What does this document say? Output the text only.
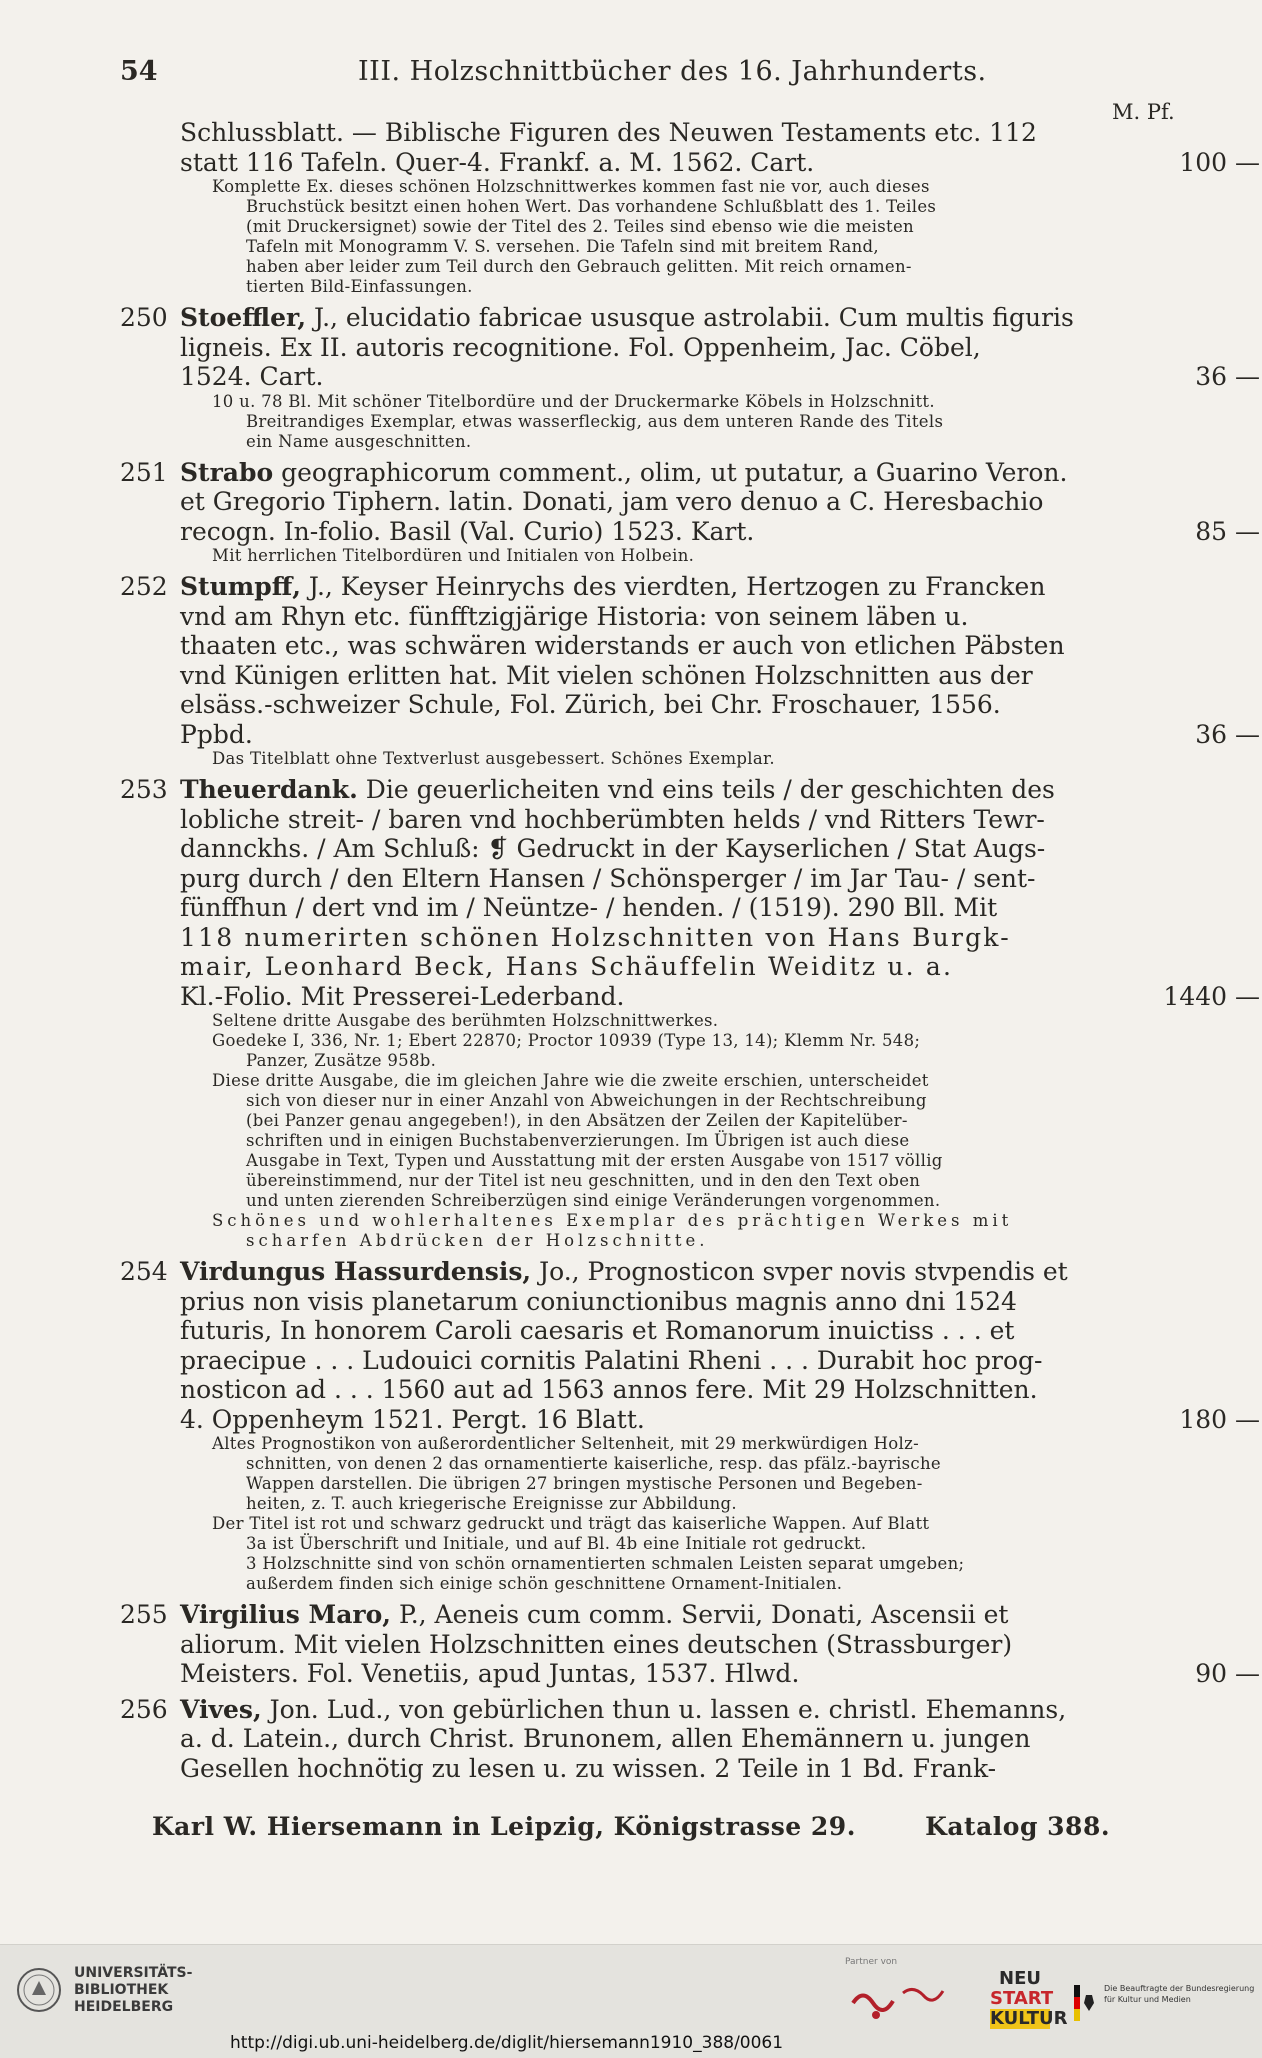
54	III. Holzschnittbücher des 16. Jahrhunderts.
M. Pf.
Schlussblatt. — Biblische Figuren des Neuwen Testaments etc. 112
statt 116 Tafeln. Quer-4. Frankf. a. M. 1562. Cart.	100 —
Komplette Ex. dieses schönen Holzschnittwerkes kommen fast nie vor, auch dieses
Bruchstück besitzt einen hohen Wert. Das vorhandene Schlußblatt des 1. Teiles
(mit Druckersignet) sowie der Titel des 2. Teiles sind ebenso wie die meisten
Tafeln mit Monogramm V. S. versehen. Die Tafeln sind mit breitem Rand,
haben aber leider zum Teil durch den Gebrauch gelitten. Mit reich ornamen-
tierten Bild-Einfassungen.
250 Stoeffler, J., elucidatio fabricae ususque astrolabii. Cum multis figuris
ligneis. Ex II. autoris recognitione. Fol. Oppenheim, Jac. Cöbel,
1524. Cart.	36 —
10 u. 78 Bl. Mit schöner Titelbordüre und der Druckermarke Köbels in Holzschnitt.
Breitrandiges Exemplar, etwas wasserfleckig, aus dem unteren Rande des Titels
ein Name ausgeschnitten.
251 Strabo geographicorum comment., olim, ut putatur, a Guarino Veron.
et Gregorio Tiphern. latin. Donati, jam vero denuo a C. Heresbachio
recogn. In-folio. Basil (Val. Curio) 1523. Kart.	85 —
Mit herrlichen Titelbordüren und Initialen von Holbein.
252 Stumpff, J., Keyser Heinrychs des vierdten, Hertzogen zu Francken
vnd am Rhyn etc. fünfftzigjärige Historia: von seinem läben u.
thaaten etc., was schwären widerstands er auch von etlichen Päbsten
vnd Künigen erlitten hat. Mit vielen schönen Holzschnitten aus der
elsäss.-schweizer Schule, Fol. Zürich, bei Chr. Froschauer, 1556.
Ppbd.	36 —
Das Titelblatt ohne Textverlust ausgebessert. Schönes Exemplar.
253 Theuerdank. Die geuerlicheiten vnd eins teils / der geschichten des
lobliche streit- / baren vnd hochberümbten helds / vnd Ritters Tewr-
dannckhs. / Am Schluß: ❡ Gedruckt in der Kayserlichen / Stat Augs-
purg durch / den Eltern Hansen / Schönsperger / im Jar Tau- / sent-
fünffhun / dert vnd im / Neüntze- / henden. / (1519). 290 Bll. Mit
118 numerirten schönen Holzschnitten von Hans Burgk-
mair, Leonhard Beck, Hans Schäuffelin Weiditz u. a.
Kl.-Folio. Mit Presserei-Lederband.	1440 —
Seltene dritte Ausgabe des berühmten Holzschnittwerkes.
Goedeke I, 336, Nr. 1; Ebert 22870; Proctor 10939 (Type 13, 14); Klemm Nr. 548;
Panzer, Zusätze 958b.
Diese dritte Ausgabe, die im gleichen Jahre wie die zweite erschien, unterscheidet
sich von dieser nur in einer Anzahl von Abweichungen in der Rechtschreibung
(bei Panzer genau angegeben!), in den Absätzen der Zeilen der Kapitelüber-
schriften und in einigen Buchstabenverzierungen. Im Übrigen ist auch diese
Ausgabe in Text, Typen und Ausstattung mit der ersten Ausgabe von 1517 völlig
übereinstimmend, nur der Titel ist neu geschnitten, und in den den Text oben
und unten zierenden Schreiberzügen sind einige Veränderungen vorgenommen.
Schönes und wohlerhaltenes Exemplar des prächtigen Werkes mit
scharfen Abdrücken der Holzschnitte.
254 Virdungus Hassurdensis, Jo., Prognosticon svper novis stvpendis et
prius non visis planetarum coniunctionibus magnis anno dni 1524
futuris, In honorem Caroli caesaris et Romanorum inuictiss . . . et
praecipue . . . Ludouici cornitis Palatini Rheni . . . Durabit hoc prog-
nosticon ad . . . 1560 aut ad 1563 annos fere. Mit 29 Holzschnitten.
4. Oppenheym 1521. Pergt. 16 Blatt.	180 —
Altes Prognostikon von außerordentlicher Seltenheit, mit 29 merkwürdigen Holz-
schnitten, von denen 2 das ornamentierte kaiserliche, resp. das pfälz.-bayrische
Wappen darstellen. Die übrigen 27 bringen mystische Personen und Begeben-
heiten, z. T. auch kriegerische Ereignisse zur Abbildung.
Der Titel ist rot und schwarz gedruckt und trägt das kaiserliche Wappen. Auf Blatt
3a ist Überschrift und Initiale, und auf Bl. 4b eine Initiale rot gedruckt.
3 Holzschnitte sind von schön ornamentierten schmalen Leisten separat umgeben;
außerdem finden sich einige schön geschnittene Ornament-Initialen.
255 Virgilius Maro, P., Aeneis cum comm. Servii, Donati, Ascensii et
aliorum. Mit vielen Holzschnitten eines deutschen (Strassburger)
Meisters. Fol. Venetiis, apud Juntas, 1537. Hlwd.	90 —
256 Vives, Jon. Lud., von gebürlichen thun u. lassen e. christl. Ehemanns,
a. d. Latein., durch Christ. Brunonem, allen Ehemännern u. jungen
Gesellen hochnötig zu lesen u. zu wissen. 2 Teile in 1 Bd. Frank-
Karl W. Hiersemann in Leipzig, Königstrasse 29.	Katalog 388.
UNIVERSITÄTS-
BIBLIOTHEK
HEIDELBERG
Partner von
NEU
START
KULTUR
Die Beauftragte der Bundesregierung
für Kultur und Medien
http://digi.ub.uni-heidelberg.de/diglit/hiersemann1910_388/0061
